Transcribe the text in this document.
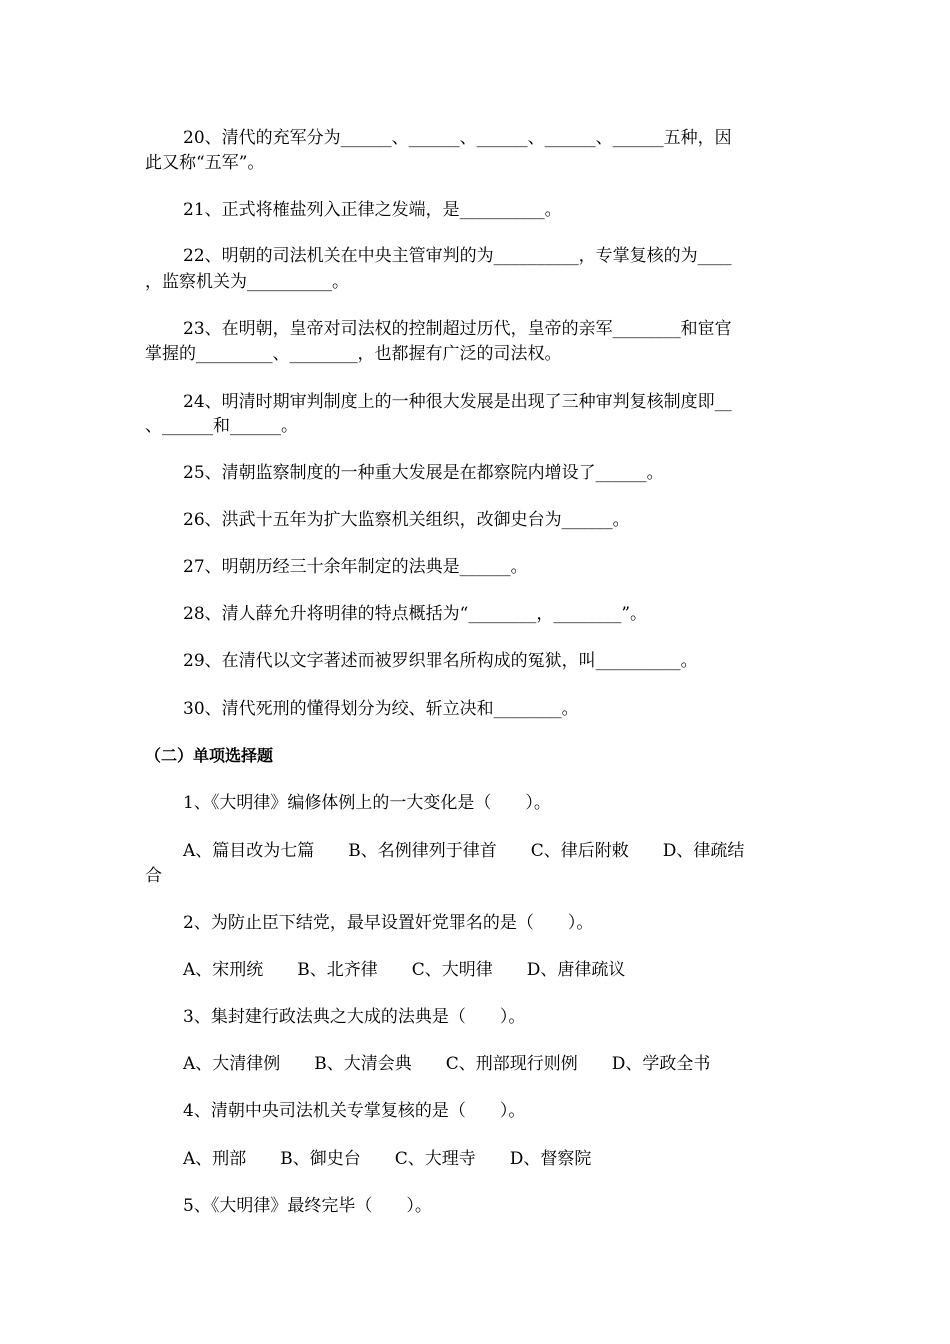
20、清代的充军分为______、______、______、______、______五种，因
此又称“五军”。
21、正式将榷盐列入正律之发端，是__________。
22、明朝的司法机关在中央主管审判的为__________，专掌复核的为____
，监察机关为__________。
23、在明朝，皇帝对司法权的控制超过历代，皇帝的亲军________和宦官
掌握的_________、________，也都握有广泛的司法权。
24、明清时期审判制度上的一种很大发展是出现了三种审判复核制度即__
、______和______。
25、清朝监察制度的一种重大发展是在都察院内增设了______。
26、洪武十五年为扩大监察机关组织，改御史台为______。
27、明朝历经三十余年制定的法典是______。
28、清人薛允升将明律的特点概括为“________，________”。
29、在清代以文字著述而被罗织罪名所构成的冤狱，叫__________。
30、清代死刑的懂得划分为绞、斩立决和________。
（二）单项选择题
1、《大明律》编修体例上的一大变化是（　　）。
A、篇目改为七篇　　B、名例律列于律首　　C、律后附敕　　D、律疏结
合
2、为防止臣下结党，最早设置奸党罪名的是（　　）。
A、宋刑统　　B、北齐律　　C、大明律　　D、唐律疏议
3、集封建行政法典之大成的法典是（　　）。
A、大清律例　　B、大清会典　　C、刑部现行则例　　D、学政全书
4、清朝中央司法机关专掌复核的是（　　）。
A、刑部　　B、御史台　　C、大理寺　　D、督察院
5、《大明律》最终完毕（　　）。
